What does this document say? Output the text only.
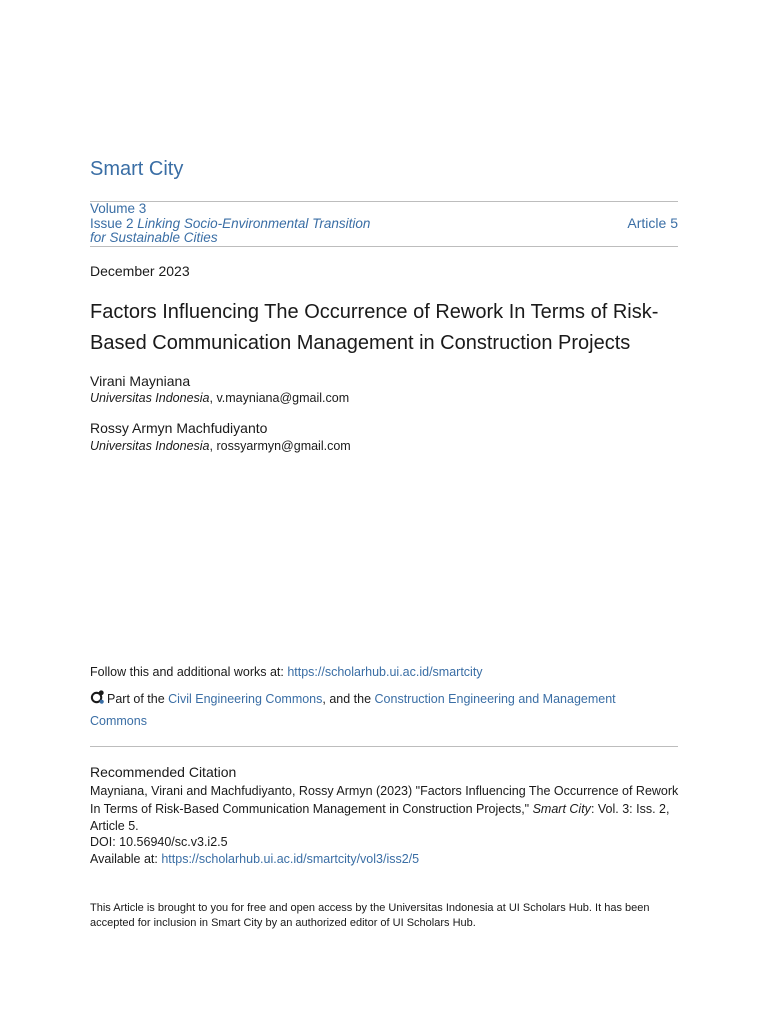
Smart City
Volume 3
Issue 2 Linking Socio-Environmental Transition
for Sustainable Cities
Article 5
December 2023
Factors Influencing The Occurrence of Rework In Terms of Risk-
Based Communication Management in Construction Projects
Virani Mayniana
Universitas Indonesia, v.mayniana@gmail.com
Rossy Armyn Machfudiyanto
Universitas Indonesia, rossyarmyn@gmail.com
Follow this and additional works at: https://scholarhub.ui.ac.id/smartcity
Part of the Civil Engineering Commons, and the Construction Engineering and Management
Commons
Recommended Citation
Mayniana, Virani and Machfudiyanto, Rossy Armyn (2023) "Factors Influencing The Occurrence of Rework
In Terms of Risk-Based Communication Management in Construction Projects," Smart City: Vol. 3: Iss. 2,
Article 5.
DOI: 10.56940/sc.v3.i2.5
Available at: https://scholarhub.ui.ac.id/smartcity/vol3/iss2/5
This Article is brought to you for free and open access by the Universitas Indonesia at UI Scholars Hub. It has been
accepted for inclusion in Smart City by an authorized editor of UI Scholars Hub.
